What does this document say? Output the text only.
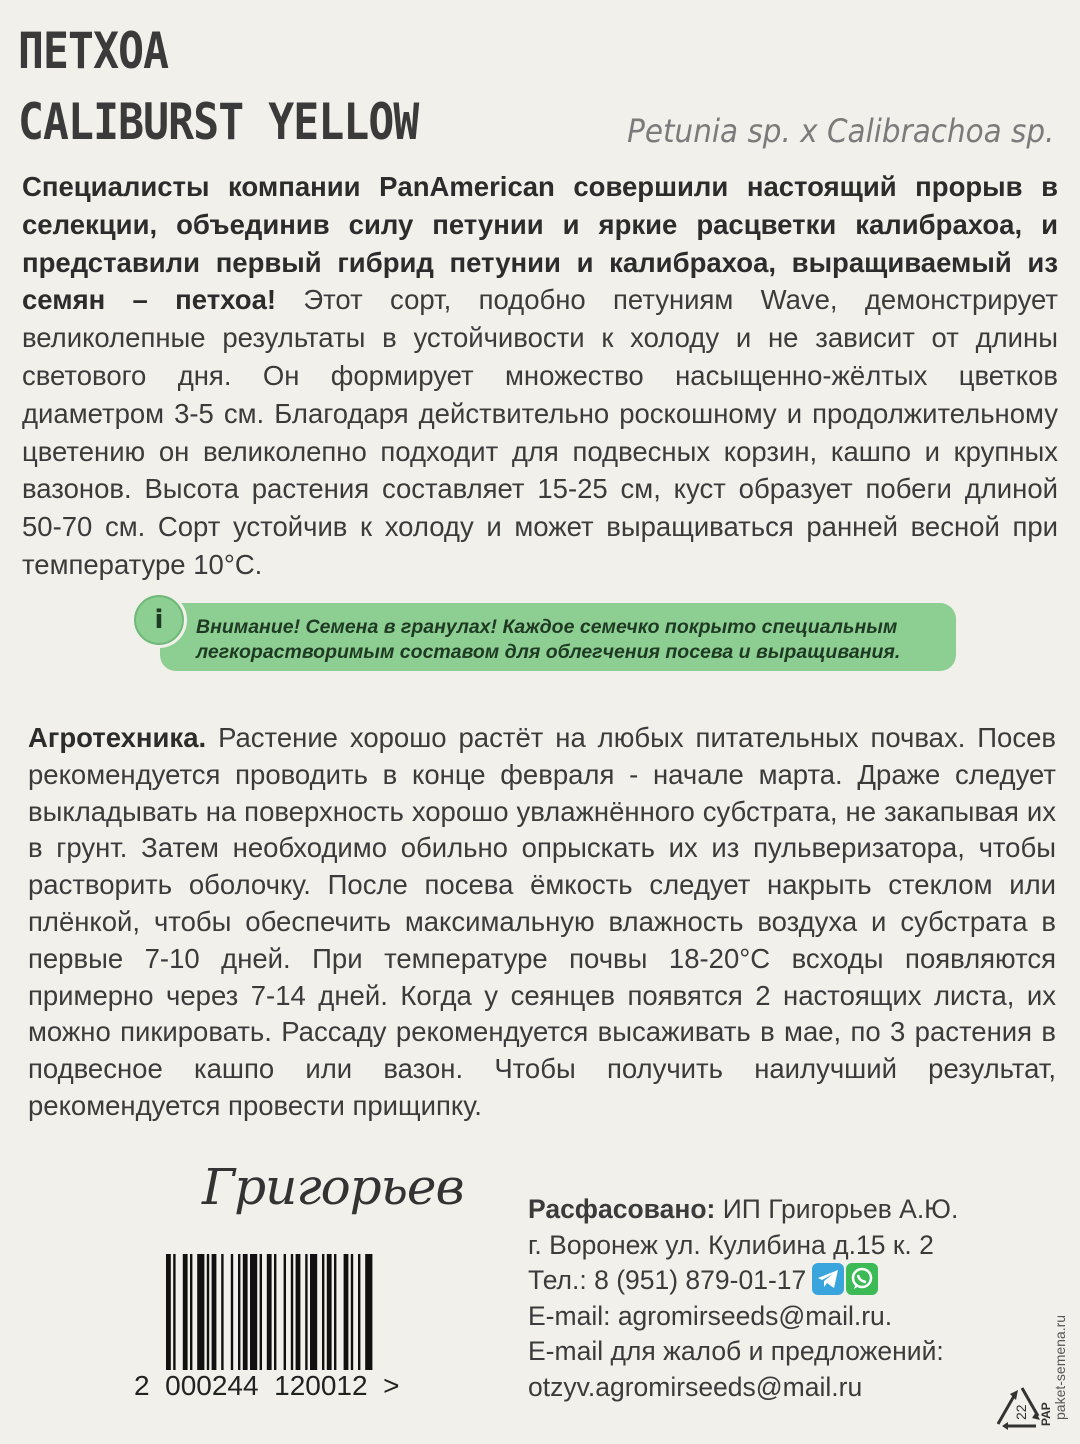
ПЕТХОА
CALIBURST YELLOW	Petunia sp. x Calibrachoa sp.

Специалисты компании PanAmerican совершили настоящий прорыв в селекции, объединив силу петунии и яркие расцветки калибрахоа, и представили первый гибрид петунии и калибрахоа, выращиваемый из семян – петхоа! Этот сорт, подобно петуниям Wave, демонстрирует великолепные результаты в устойчивости к холоду и не зависит от длины светового дня. Он формирует множество насыщенно-жёлтых цветков диаметром 3-5 см. Благодаря действительно роскошному и продолжительному цветению он великолепно подходит для подвесных корзин, кашпо и крупных вазонов. Высота растения составляет 15-25 см, куст образует побеги длиной 50-70 см. Сорт устойчив к холоду и может выращиваться ранней весной при температуре 10°С.

Внимание! Семена в гранулах! Каждое семечко покрыто специальным

легкорастворимым составом для облегчения посева и выращивания.

i

Агротехника. Растение хорошо растёт на любых питательных почвах. Посев рекомендуется проводить в конце февраля - начале марта. Драже следует выкладывать на поверхность хорошо увлажнённого субстрата, не закапывая их в грунт. Затем необходимо обильно опрыскать их из пульверизатора, чтобы растворить оболочку. После посева ёмкость следует накрыть стеклом или плёнкой, чтобы обеспечить максимальную влажность воздуха и субстрата в первые 7-10 дней. При температуре почвы 18-20°С всходы появляются примерно через 7-14 дней. Когда у сеянцев появятся 2 настоящих листа, их можно пикировать. Рассаду рекомендуется высаживать в мае, по 3 растения в подвесное кашпо или вазон. Чтобы получить наилучший результат, рекомендуется провести прищипку.

Григорьев
2  000244  120012  >
Расфасовано: ИП Григорьев А.Ю.
г. Воронеж ул. Кулибина д.15 к. 2
Тел.: 8 (951) 879-01-17
E-mail: agromirseeds@mail.ru.
E-mail для жалоб и предложений:
otzyv.agromirseeds@mail.ru
22 PAP paket-semena.ru
